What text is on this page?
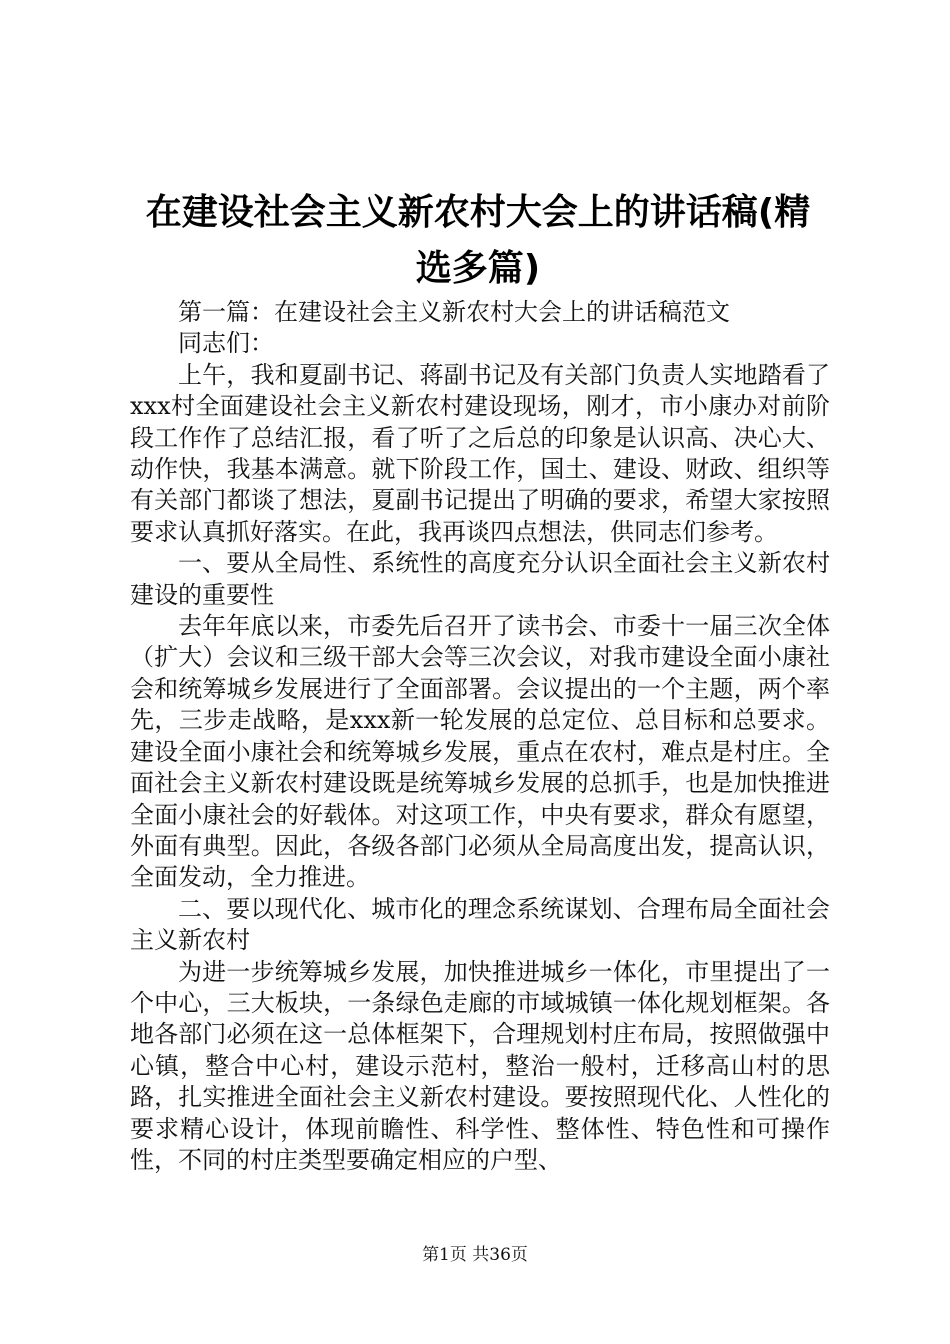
在建设社会主义新农村大会上的讲话稿(精选多篇)

第一篇：在建设社会主义新农村大会上的讲话稿范文

同志们：

上午，我和夏副书记、蒋副书记及有关部门负责人实地踏看了xxx村全面建设社会主义新农村建设现场，刚才，市小康办对前阶段工作作了总结汇报，看了听了之后总的印象是认识高、决心大、动作快，我基本满意。就下阶段工作，国土、建设、财政、组织等有关部门都谈了想法，夏副书记提出了明确的要求，希望大家按照要求认真抓好落实。在此，我再谈四点想法，供同志们参考。

一、要从全局性、系统性的高度充分认识全面社会主义新农村建设的重要性

去年年底以来，市委先后召开了读书会、市委十一届三次全体（扩大）会议和三级干部大会等三次会议，对我市建设全面小康社会和统筹城乡发展进行了全面部署。会议提出的一个主题，两个率先，三步走战略，是xxx新一轮发展的总定位、总目标和总要求。建设全面小康社会和统筹城乡发展，重点在农村，难点是村庄。全面社会主义新农村建设既是统筹城乡发展的总抓手，也是加快推进全面小康社会的好载体。对这项工作，中央有要求，群众有愿望，外面有典型。因此，各级各部门必须从全局高度出发，提高认识，全面发动，全力推进。

二、要以现代化、城市化的理念系统谋划、合理布局全面社会主义新农村

为进一步统筹城乡发展，加快推进城乡一体化，市里提出了一个中心，三大板块，一条绿色走廊的市域城镇一体化规划框架。各地各部门必须在这一总体框架下，合理规划村庄布局，按照做强中心镇，整合中心村，建设示范村，整治一般村，迁移高山村的思路，扎实推进全面社会主义新农村建设。要按照现代化、人性化的要求精心设计，体现前瞻性、科学性、整体性、特色性和可操作性，不同的村庄类型要确定相应的户型、

第1页 共36页
